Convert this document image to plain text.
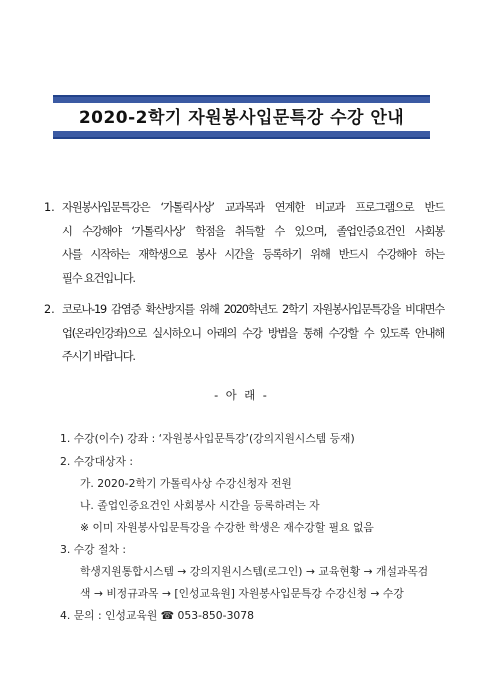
2020-2학기 자원봉사입문특강 수강 안내
1. 자원봉사입문특강은 ‘가톨릭사상’ 교과목과 연계한 비교과 프로그램으로 반드
시 수강해야 ‘가톨릭사상’ 학점을 취득할 수 있으며, 졸업인증요건인 사회봉
사를 시작하는 재학생으로 봉사 시간을 등록하기 위해 반드시 수강해야 하는
필수 요건입니다.
2. 코로나-19 감염증 확산방지를 위해 2020학년도 2학기 자원봉사입문특강을 비대면수
업(온라인강좌)으로 실시하오니 아래의 수강 방법을 통해 수강할 수 있도록 안내해
주시기 바랍니다.
- 아 래 -
1. 수강(이수) 강좌 : ‘자원봉사입문특강’(강의지원시스템 등재)
2. 수강대상자 :
가. 2020-2학기 가톨릭사상 수강신청자 전원
나. 졸업인증요건인 사회봉사 시간을 등록하려는 자
※ 이미 자원봉사입문특강을 수강한 학생은 재수강할 필요 없음
3. 수강 절차 :
학생지원통합시스템 → 강의지원시스템(로그인) → 교육현황 → 개설과목검
색 → 비정규과목 → [인성교육원] 자원봉사입문특강 수강신청 → 수강
4. 문의 : 인성교육원 ☎ 053-850-3078
